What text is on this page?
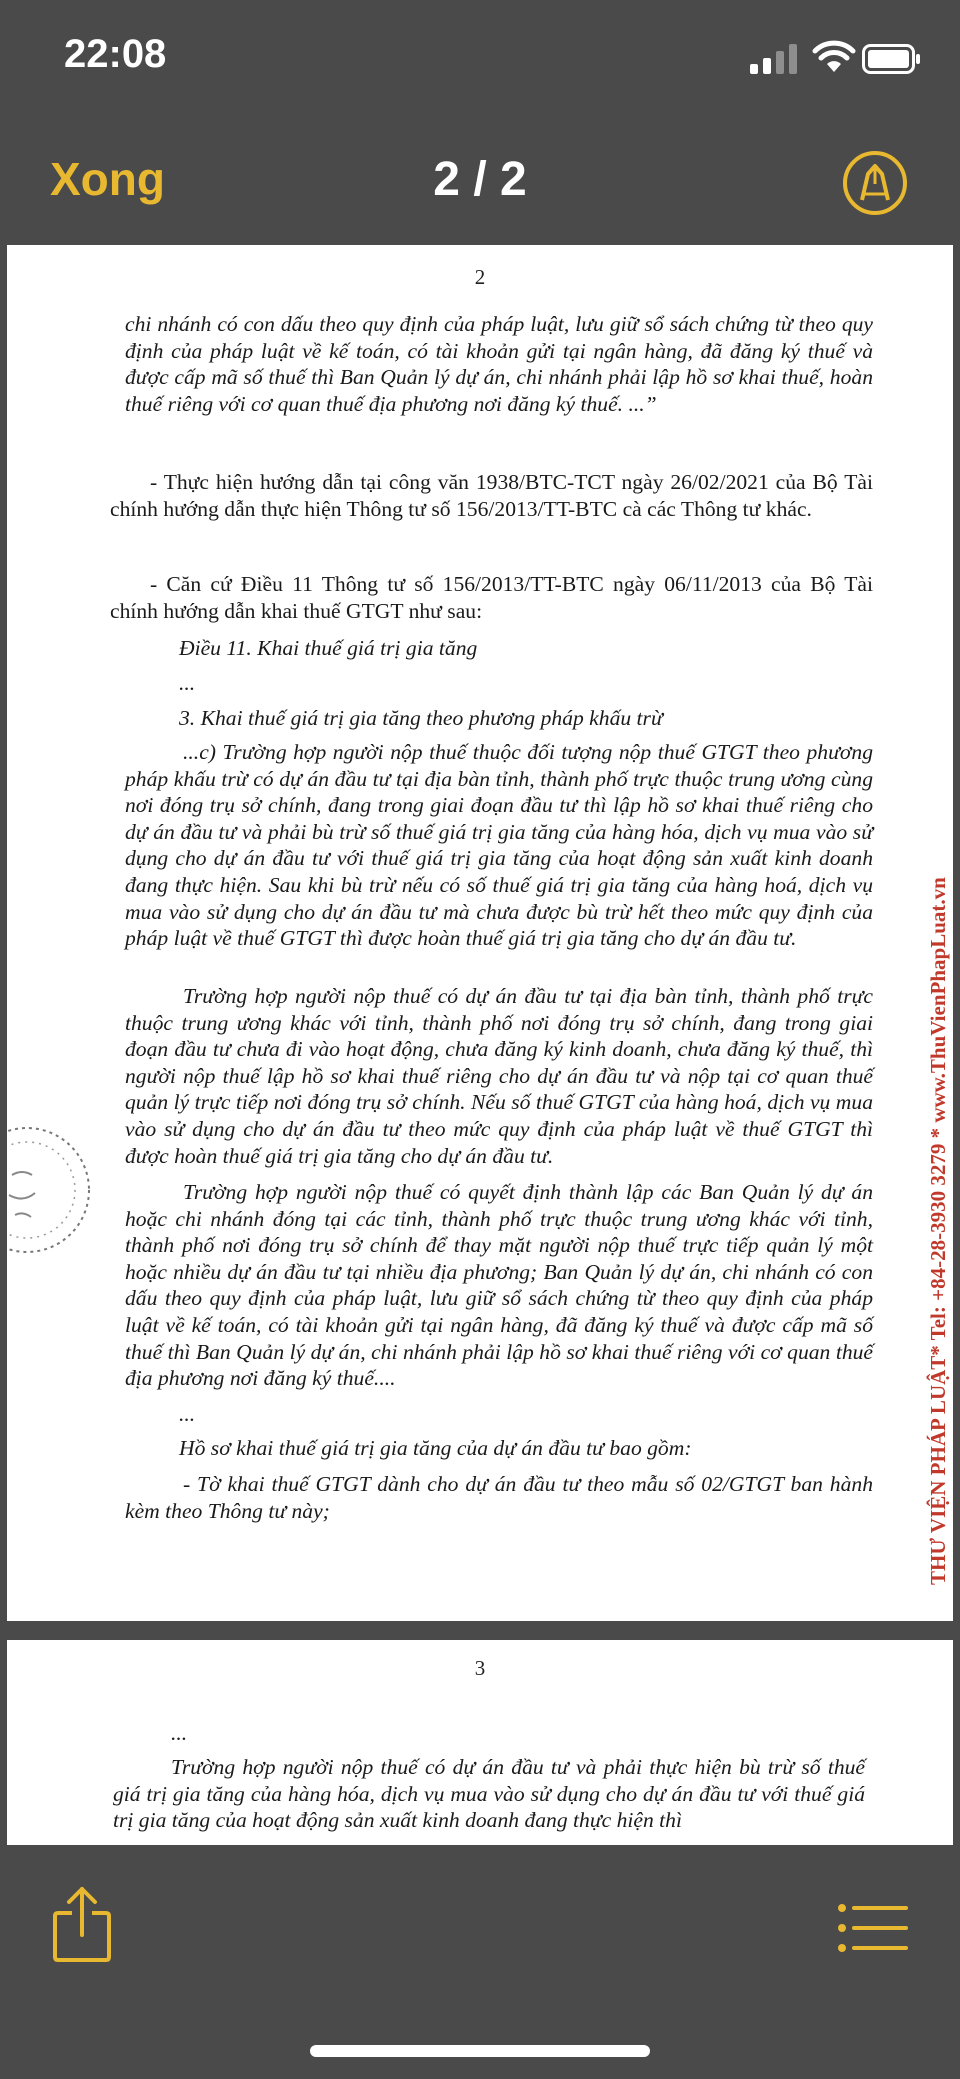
22:08
Xong	2 / 2
2
chi nhánh có con dấu theo quy định của pháp luật, lưu giữ sổ sách chứng từ theo quy định của pháp luật về kế toán, có tài khoản gửi tại ngân hàng, đã đăng ký thuế và được cấp mã số thuế thì Ban Quản lý dự án, chi nhánh phải lập hồ sơ khai thuế, hoàn thuế riêng với cơ quan thuế địa phương nơi đăng ký thuế. ...”
- Thực hiện hướng dẫn tại công văn 1938/BTC-TCT ngày 26/02/2021 của Bộ Tài chính hướng dẫn thực hiện Thông tư số 156/2013/TT-BTC cà các Thông tư khác.
- Căn cứ Điều 11 Thông tư số 156/2013/TT-BTC ngày 06/11/2013 của Bộ Tài chính hướng dẫn khai thuế GTGT như sau:
Điều 11. Khai thuế giá trị gia tăng
...
3. Khai thuế giá trị gia tăng theo phương pháp khấu trừ
...c) Trường hợp người nộp thuế thuộc đối tượng nộp thuế GTGT theo phương pháp khấu trừ có dự án đầu tư tại địa bàn tỉnh, thành phố trực thuộc trung ương cùng nơi đóng trụ sở chính, đang trong giai đoạn đầu tư thì lập hồ sơ khai thuế riêng cho dự án đầu tư và phải bù trừ số thuế giá trị gia tăng của hàng hóa, dịch vụ mua vào sử dụng cho dự án đầu tư với thuế giá trị gia tăng của hoạt động sản xuất kinh doanh đang thực hiện. Sau khi bù trừ nếu có số thuế giá trị gia tăng của hàng hoá, dịch vụ mua vào sử dụng cho dự án đầu tư mà chưa được bù trừ hết theo mức quy định của pháp luật về thuế GTGT thì được hoàn thuế giá trị gia tăng cho dự án đầu tư.
Trường hợp người nộp thuế có dự án đầu tư tại địa bàn tỉnh, thành phố trực thuộc trung ương khác với tỉnh, thành phố nơi đóng trụ sở chính, đang trong giai đoạn đầu tư chưa đi vào hoạt động, chưa đăng ký kinh doanh, chưa đăng ký thuế, thì người nộp thuế lập hồ sơ khai thuế riêng cho dự án đầu tư và nộp tại cơ quan thuế quản lý trực tiếp nơi đóng trụ sở chính. Nếu số thuế GTGT của hàng hoá, dịch vụ mua vào sử dụng cho dự án đầu tư theo mức quy định của pháp luật về thuế GTGT thì được hoàn thuế giá trị gia tăng cho dự án đầu tư.
Trường hợp người nộp thuế có quyết định thành lập các Ban Quản lý dự án hoặc chi nhánh đóng tại các tỉnh, thành phố trực thuộc trung ương khác với tỉnh, thành phố nơi đóng trụ sở chính để thay mặt người nộp thuế trực tiếp quản lý một hoặc nhiều dự án đầu tư tại nhiều địa phương; Ban Quản lý dự án, chi nhánh có con dấu theo quy định của pháp luật, lưu giữ sổ sách chứng từ theo quy định của pháp luật về kế toán, có tài khoản gửi tại ngân hàng, đã đăng ký thuế và được cấp mã số thuế thì Ban Quản lý dự án, chi nhánh phải lập hồ sơ khai thuế riêng với cơ quan thuế địa phương nơi đăng ký thuế....
...
Hồ sơ khai thuế giá trị gia tăng của dự án đầu tư bao gồm:
- Tờ khai thuế GTGT dành cho dự án đầu tư theo mẫu số 02/GTGT ban hành kèm theo Thông tư này;	THƯ VIỆN PHÁP LUẬT* Tel: +84-28-3930 3279 * www.ThuVienPhapLuat.vn
3
...
Trường hợp người nộp thuế có dự án đầu tư và phải thực hiện bù trừ số thuế giá trị gia tăng của hàng hóa, dịch vụ mua vào sử dụng cho dự án đầu tư với thuế giá trị gia tăng của hoạt động sản xuất kinh doanh đang thực hiện thì
